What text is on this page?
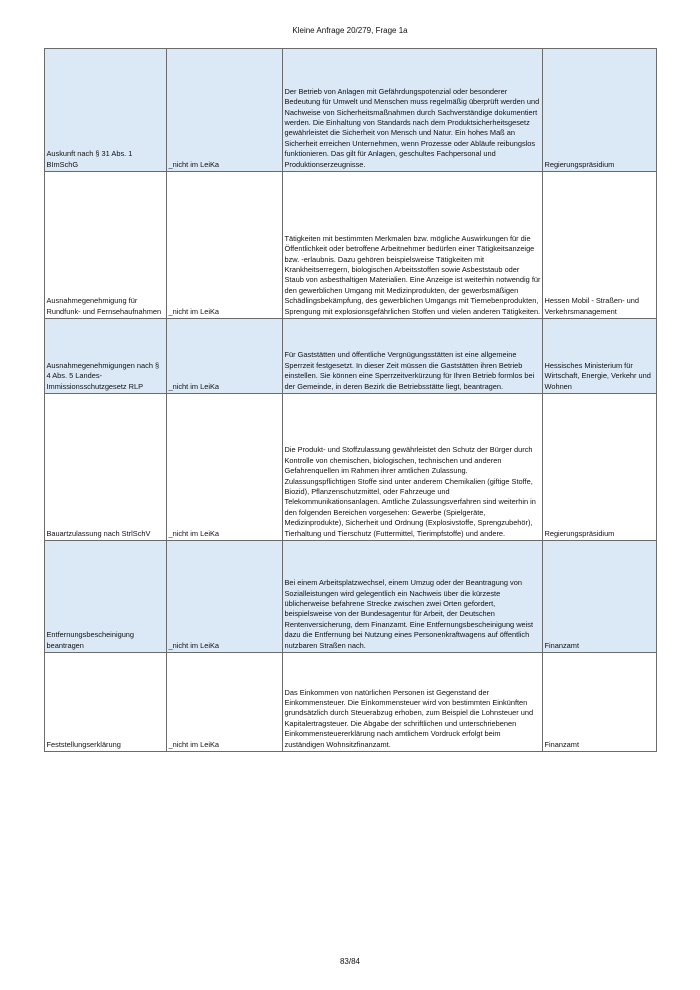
Kleine Anfrage 20/279, Frage 1a
Auskunft nach § 31 Abs. 1 BImSchG	_nicht im LeiKa	Der Betrieb von Anlagen mit Gefährdungspotenzial oder besonderer Bedeutung für Umwelt und Menschen muss regelmäßig überprüft werden und Nachweise von Sicherheitsmaßnahmen durch Sachverständige dokumentiert werden. Die Einhaltung von Standards nach dem Produktsicherheitsgesetz gewährleistet die Sicherheit von Mensch und Natur. Ein hohes Maß an Sicherheit erreichen Unternehmen, wenn Prozesse oder Abläufe reibungslos funktionieren. Das gilt für Anlagen, geschultes Fachpersonal und Produktionserzeugnisse.	Regierungspräsidium
Ausnahmegenehmigung für Rundfunk- und Fernsehaufnahmen	_nicht im LeiKa	Tätigkeiten mit bestimmten Merkmalen bzw. mögliche Auswirkungen für die Öffentlichkeit oder betroffene Arbeitnehmer bedürfen einer Tätigkeitsanzeige bzw. -erlaubnis. Dazu gehören beispielsweise Tätigkeiten mit Krankheitserregern, biologischen Arbeitsstoffen sowie Asbeststaub oder Staub von asbesthaltigen Materialien. Eine Anzeige ist weiterhin notwendig für den gewerblichen Umgang mit Medizinprodukten, der gewerbsmäßigen Schädlingsbekämpfung, des gewerblichen Umgangs mit Tiernebenprodukten, Sprengung mit explosionsgefährlichen Stoffen und vielen anderen Tätigkeiten.	Hessen Mobil - Straßen- und Verkehrsmanagement
Ausnahmegenehmigungen nach § 4 Abs. 5 Landes-Immissionsschutzgesetz RLP	_nicht im LeiKa	Für Gaststätten und öffentliche Vergnügungsstätten ist eine allgemeine Sperrzeit festgesetzt. In dieser Zeit müssen die Gaststätten ihren Betrieb einstellen. Sie können eine Sperrzeitverkürzung für Ihren Betrieb formlos bei der Gemeinde, in deren Bezirk die Betriebsstätte liegt, beantragen.	Hessisches Ministerium für Wirtschaft, Energie, Verkehr und Wohnen
Bauartzulassung nach StrlSchV	_nicht im LeiKa	Die Produkt- und Stoffzulassung gewährleistet den Schutz der Bürger durch Kontrolle von chemischen, biologischen, technischen und anderen Gefahrenquellen im Rahmen ihrer amtlichen Zulassung. Zulassungspflichtigen Stoffe sind unter anderem Chemikalien (giftige Stoffe, Biozid), Pflanzenschutzmittel, oder Fahrzeuge und Telekommunikationsanlagen. Amtliche Zulassungsverfahren sind weiterhin in den folgenden Bereichen vorgesehen: Gewerbe (Spielgeräte, Medizinprodukte), Sicherheit und Ordnung (Explosivstoffe, Sprengzubehör), Tierhaltung und Tierschutz (Futtermittel, Tierimpfstoffe) und andere.	Regierungspräsidium
Entfernungsbescheinigung beantragen	_nicht im LeiKa	Bei einem Arbeitsplatzwechsel, einem Umzug oder der Beantragung von Sozialleistungen wird gelegentlich ein Nachweis über die kürzeste üblicherweise befahrene Strecke zwischen zwei Orten gefordert, beispielsweise von der Bundesagentur für Arbeit, der Deutschen Rentenversicherung, dem Finanzamt. Eine Entfernungsbescheinigung weist dazu die Entfernung bei Nutzung eines Personenkraftwagens auf öffentlich nutzbaren Straßen nach.	Finanzamt
Feststellungserklärung	_nicht im LeiKa	Das Einkommen von natürlichen Personen ist Gegenstand der Einkommensteuer. Die Einkommensteuer wird von bestimmten Einkünften grundsätzlich durch Steuerabzug erhoben, zum Beispiel die Lohnsteuer und Kapitalertragsteuer. Die Abgabe der schriftlichen und unterschriebenen Einkommensteuererklärung nach amtlichem Vordruck erfolgt beim zuständigen Wohnsitzfinanzamt.	Finanzamt
83/84
